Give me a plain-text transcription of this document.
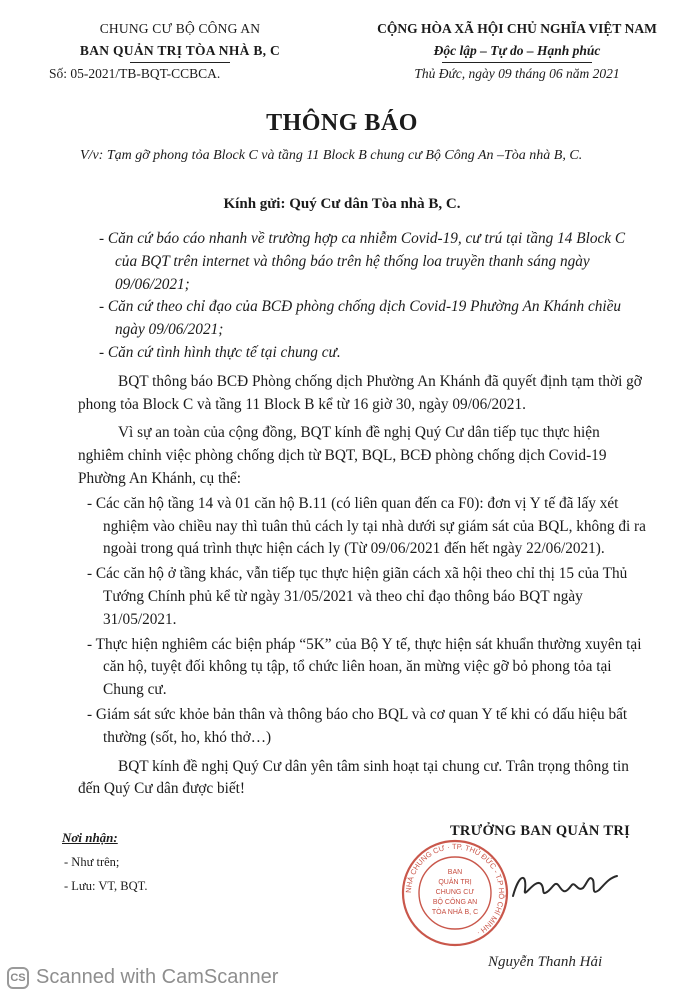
CHUNG CƯ BỘ CÔNG AN
BAN QUẢN TRỊ TÒA NHÀ B, C
Số: 05-2021/TB-BQT-CCBCA.
CỘNG HÒA XÃ HỘI CHỦ NGHĨA VIỆT NAM
Độc lập – Tự do – Hạnh phúc
Thủ Đức, ngày 09 tháng 06 năm 2021
THÔNG BÁO
V/v: Tạm gỡ phong tỏa Block C và tầng 11 Block B chung cư Bộ Công An –Tòa nhà B, C.
Kính gửi: Quý Cư dân Tòa nhà B, C.

- Căn cứ báo cáo nhanh về trường hợp ca nhiễm Covid-19, cư trú tại tầng 14 Block C của BQT trên internet và thông báo trên hệ thống loa truyền thanh sáng ngày 09/06/2021;

- Căn cứ theo chỉ đạo của BCĐ phòng chống dịch Covid-19 Phường An Khánh chiều ngày 09/06/2021;

- Căn cứ tình hình thực tế tại chung cư.

BQT thông báo BCĐ Phòng chống dịch Phường An Khánh đã quyết định tạm thời gỡ phong tỏa Block C và tầng 11 Block B kể từ 16 giờ 30, ngày 09/06/2021.

Vì sự an toàn của cộng đồng, BQT kính đề nghị Quý Cư dân tiếp tục thực hiện nghiêm chỉnh việc phòng chống dịch từ BQT, BQL, BCĐ phòng chống dịch Covid-19 Phường An Khánh, cụ thể:

- Các căn hộ tầng 14 và 01 căn hộ B.11 (có liên quan đến ca F0): đơn vị Y tế đã lấy xét nghiệm vào chiều nay thì tuân thủ cách ly tại nhà dưới sự giám sát của BQL, không đi ra ngoài trong quá trình thực hiện cách ly (Từ 09/06/2021 đến hết ngày 22/06/2021).

- Các căn hộ ở tầng khác, vẫn tiếp tục thực hiện giãn cách xã hội theo chỉ thị 15 của Thủ Tướng Chính phủ kể từ ngày 31/05/2021 và theo chỉ đạo thông báo BQT ngày 31/05/2021.

- Thực hiện nghiêm các biện pháp “5K” của Bộ Y tế, thực hiện sát khuẩn thường xuyên tại căn hộ, tuyệt đối không tụ tập, tổ chức liên hoan, ăn mừng việc gỡ bỏ phong tỏa tại Chung cư.

- Giám sát sức khỏe bản thân và thông báo cho BQL và cơ quan Y tế khi có dấu hiệu bất thường (sốt, ho, khó thở…)

BQT kính đề nghị Quý Cư dân yên tâm sinh hoạt tại chung cư. Trân trọng thông tin đến Quý Cư dân được biết!

Nơi nhận:
- Như trên;
- Lưu: VT, BQT.
TRƯỞNG BAN QUẢN TRỊ
NHÀ CHUNG CƯ · TP. THỦ ĐỨC - T.P HỒ CHÍ MINH ·
BAN
QUẢN TRỊ
CHUNG CƯ
BỘ CÔNG AN
TÒA NHÀ B, C
Nguyễn Thanh Hải
CS Scanned with CamScanner
